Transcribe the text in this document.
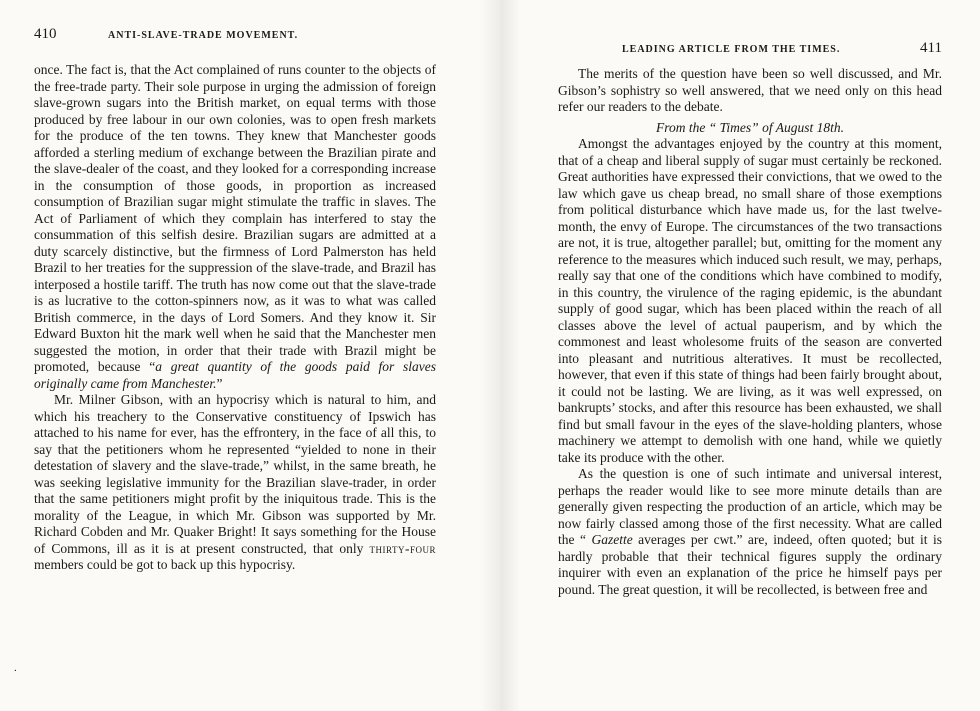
410	ANTI-SLAVE-TRADE MOVEMENT.

once. The fact is, that the Act complained of runs counter to the objects of the free-trade party. Their sole purpose in urging the admission of foreign slave-grown sugars into the British market, on equal terms with those produced by free labour in our own colonies, was to open fresh markets for the produce of the ten towns. They knew that Manchester goods afforded a sterling medium of exchange between the Brazilian pirate and the slave-dealer of the coast, and they looked for a corresponding increase in the consumption of those goods, in proportion as increased consumption of Brazilian sugar might stimulate the traffic in slaves. The Act of Parliament of which they complain has interfered to stay the consummation of this selfish desire. Brazilian sugars are admitted at a duty scarcely distinctive, but the firmness of Lord Palmerston has held Brazil to her treaties for the suppression of the slave-trade, and Brazil has interposed a hostile tariff. The truth has now come out that the slave-trade is as lucrative to the cotton-spinners now, as it was to what was called British commerce, in the days of Lord Somers. And they know it. Sir Edward Buxton hit the mark well when he said that the Manchester men suggested the motion, in order that their trade with Brazil might be promoted, because “a great quantity of the goods paid for slaves originally came from Manchester.”

Mr. Milner Gibson, with an hypocrisy which is natural to him, and which his treachery to the Conservative constituency of Ipswich has attached to his name for ever, has the effrontery, in the face of all this, to say that the petitioners whom he represented “yielded to none in their detestation of slavery and the slave-trade,” whilst, in the same breath, he was seeking legislative immunity for the Brazilian slave-trader, in order that the same petitioners might profit by the iniquitous trade. This is the morality of the League, in which Mr. Gibson was supported by Mr. Richard Cobden and Mr. Quaker Bright! It says something for the House of Commons, ill as it is at present constructed, that only thirty-four members could be got to back up this hypocrisy.

.
LEADING ARTICLE FROM THE TIMES.	411

The merits of the question have been so well discussed, and Mr. Gibson’s sophistry so well answered, that we need only on this head refer our readers to the debate.

From the “ Times” of August 18th.

Amongst the advantages enjoyed by the country at this moment, that of a cheap and liberal supply of sugar must certainly be reckoned. Great authorities have expressed their convictions, that we owed to the law which gave us cheap bread, no small share of those exemptions from political disturbance which have made us, for the last twelve-month, the envy of Europe. The circumstances of the two transactions are not, it is true, altogether parallel; but, omitting for the moment any reference to the measures which induced such result, we may, perhaps, really say that one of the conditions which have combined to modify, in this country, the virulence of the raging epidemic, is the abundant supply of good sugar, which has been placed within the reach of all classes above the level of actual pauperism, and by which the commonest and least wholesome fruits of the season are converted into pleasant and nutritious alteratives. It must be recollected, however, that even if this state of things had been fairly brought about, it could not be lasting. We are living, as it was well expressed, on bankrupts’ stocks, and after this resource has been exhausted, we shall find but small favour in the eyes of the slave-holding planters, whose machinery we attempt to demolish with one hand, while we quietly take its produce with the other.

As the question is one of such intimate and universal interest, perhaps the reader would like to see more minute details than are generally given respecting the production of an article, which may be now fairly classed among those of the first necessity. What are called the “ Gazette averages per cwt.” are, indeed, often quoted; but it is hardly probable that their technical figures supply the ordinary inquirer with even an explanation of the price he himself pays per pound. The great question, it will be recollected, is between free and
